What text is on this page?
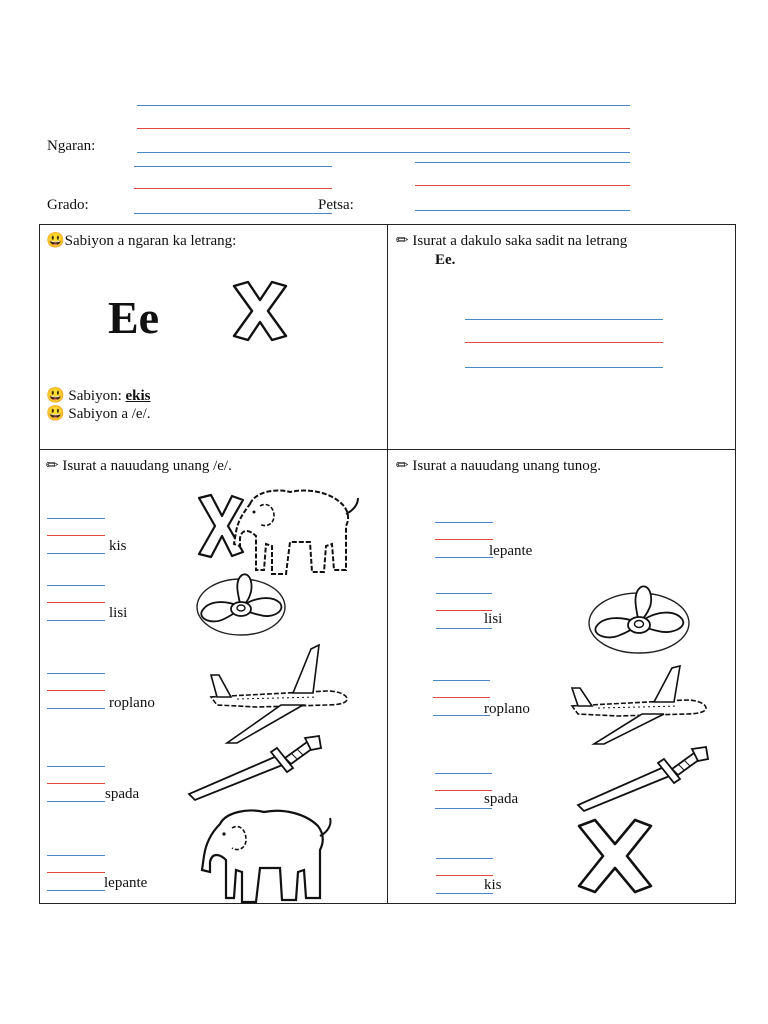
Ngaran:
Grado:	Petsa:
😃Sabiyon a ngaran ka letrang:
Ee
😃 Sabiyon: ekis
😃 Sabiyon a /e/.
✏ Isurat a dakulo saka sadit na letrang
Ee.
✏ Isurat a nauudang unang /e/.
kis
lisi
roplano
spada
lepante
✏ Isurat a nauudang unang tunog.
lepante
lisi
roplano
spada
kis
